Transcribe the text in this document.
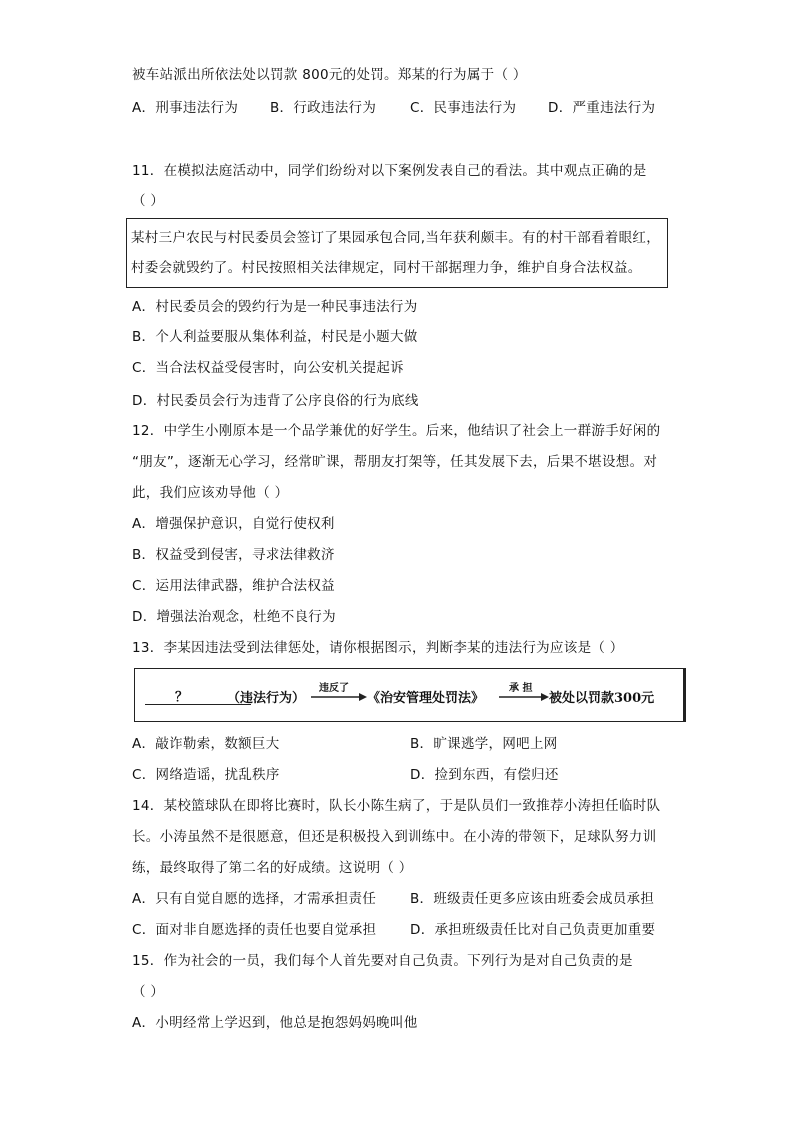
被车站派出所依法处以罚款 800元的处罚。郑某的行为属于（ ）
A．刑事违法行为 B．行政违法行为	C．民事违法行为 D．严重违法行为
11．在模拟法庭活动中，同学们纷纷对以下案例发表自己的看法。其中观点正确的是
（ ）
某村三户农民与村民委员会签订了果园承包合同,当年获利颇丰。有的村干部看着眼红，
村委会就毁约了。村民按照相关法律规定，同村干部据理力争，维护自身合法权益。
A．村民委员会的毁约行为是一种民事违法行为
B．个人利益要服从集体利益，村民是小题大做
C．当合法权益受侵害时，向公安机关提起诉
D．村民委员会行为违背了公序良俗的行为底线
12．中学生小刚原本是一个品学兼优的好学生。后来，他结识了社会上一群游手好闲的
“朋友”，逐渐无心学习，经常旷课，帮朋友打架等，任其发展下去，后果不堪设想。对
此，我们应该劝导他（ ）
A．增强保护意识，自觉行使权利
B．权益受到侵害，寻求法律救济
C．运用法律武器，维护合法权益
D．增强法治观念，杜绝不良行为
13．李某因违法受到法律惩处，请你根据图示，判断李某的违法行为应该是（ ）
？	（违法行为）
违反了
《治安管理处罚法》
承 担
被处以罚款300元
A．敲诈勒索，数额巨大	B．旷课逃学，网吧上网
C．网络造谣，扰乱秩序	D．捡到东西，有偿归还
14．某校篮球队在即将比赛时，队长小陈生病了，于是队员们一致推荐小涛担任临时队
长。小涛虽然不是很愿意，但还是积极投入到训练中。在小涛的带领下，足球队努力训
练，最终取得了第二名的好成绩。这说明（ ）
A．只有自觉自愿的选择，才需承担责任	B．班级责任更多应该由班委会成员承担
C．面对非自愿选择的责任也要自觉承担 D．承担班级责任比对自己负责更加重要
15．作为社会的一员，我们每个人首先要对自己负责。下列行为是对自己负责的是
（ ）
A．小明经常上学迟到，他总是抱怨妈妈晚叫他
